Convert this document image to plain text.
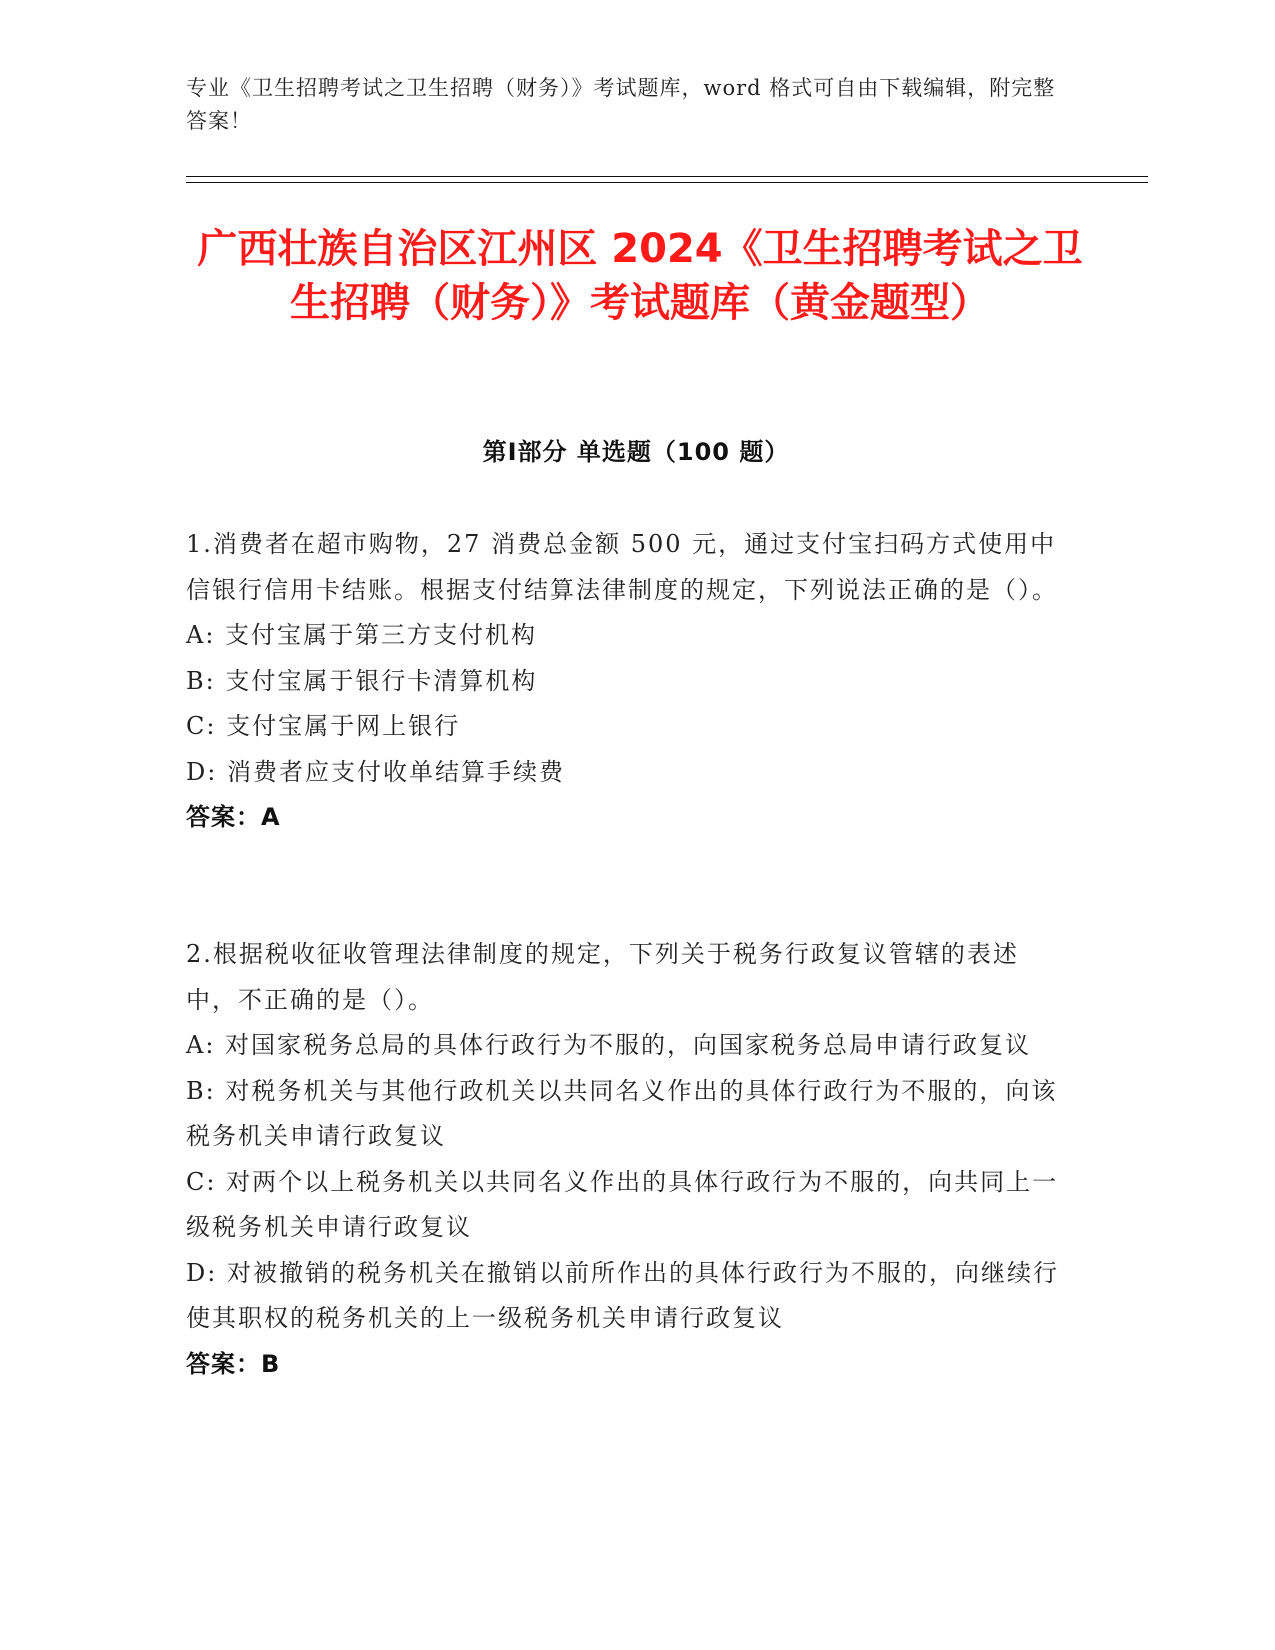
专业《卫生招聘考试之卫生招聘（财务）》考试题库，word 格式可自由下载编辑，附完整答案！
广西壮族自治区江州区 2024《卫生招聘考试之卫生招聘（财务）》考试题库（黄金题型）
第Ⅰ部分 单选题（100 题）

1.消费者在超市购物，27 消费总金额 500 元，通过支付宝扫码方式使用中信银行信用卡结账。根据支付结算法律制度的规定，下列说法正确的是（）。

A: 支付宝属于第三方支付机构

B: 支付宝属于银行卡清算机构

C: 支付宝属于网上银行

D: 消费者应支付收单结算手续费

答案：A

2.根据税收征收管理法律制度的规定，下列关于税务行政复议管辖的表述中，不正确的是（）。

A: 对国家税务总局的具体行政行为不服的，向国家税务总局申请行政复议

B: 对税务机关与其他行政机关以共同名义作出的具体行政行为不服的，向该税务机关申请行政复议

C: 对两个以上税务机关以共同名义作出的具体行政行为不服的，向共同上一级税务机关申请行政复议

D: 对被撤销的税务机关在撤销以前所作出的具体行政行为不服的，向继续行使其职权的税务机关的上一级税务机关申请行政复议

答案：B
